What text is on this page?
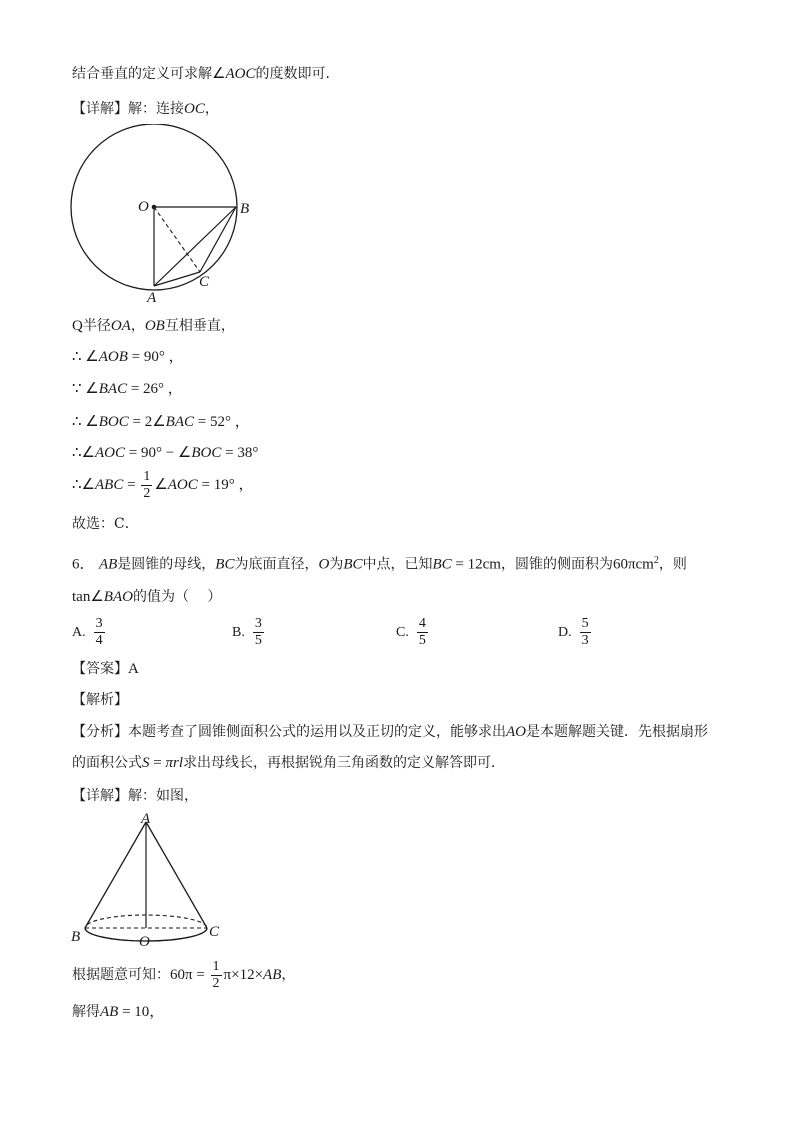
结合垂直的定义可求解∠AOC的度数即可．
【详解】解：连接OC，
O	B
C
A
Q半径OA，OB互相垂直，
∴ ∠AOB = 90° ，
∵ ∠BAC = 26° ，
∴ ∠BOC = 2∠BAC = 52° ，
∴∠AOC = 90° − ∠BOC = 38°
∴∠ABC = $\frac{1}{2}$ ∠AOC = 19° ，
故选：C．
6． AB是圆锥的母线，BC为底面直径，O为BC中点，已知BC = 12cm，圆锥的侧面积为60πcm$^2$，则
tan∠BAO的值为（　 ）
A. $\frac{3}{4}$	B. $\frac{3}{5}$	C. $\frac{4}{5}$	D. $\frac{5}{3}$
【答案】A
【解析】
【分析】本题考查了圆锥侧面积公式的运用以及正切的定义，能够求出AO是本题解题关键．先根据扇形
的面积公式S = πrl求出母线长，再根据锐角三角函数的定义解答即可．
【详解】解：如图，
A
B	C
O
根据题意可知：$60\pi = \frac{1}{2} \pi\times 12\times AB$，
解得AB = 10，
